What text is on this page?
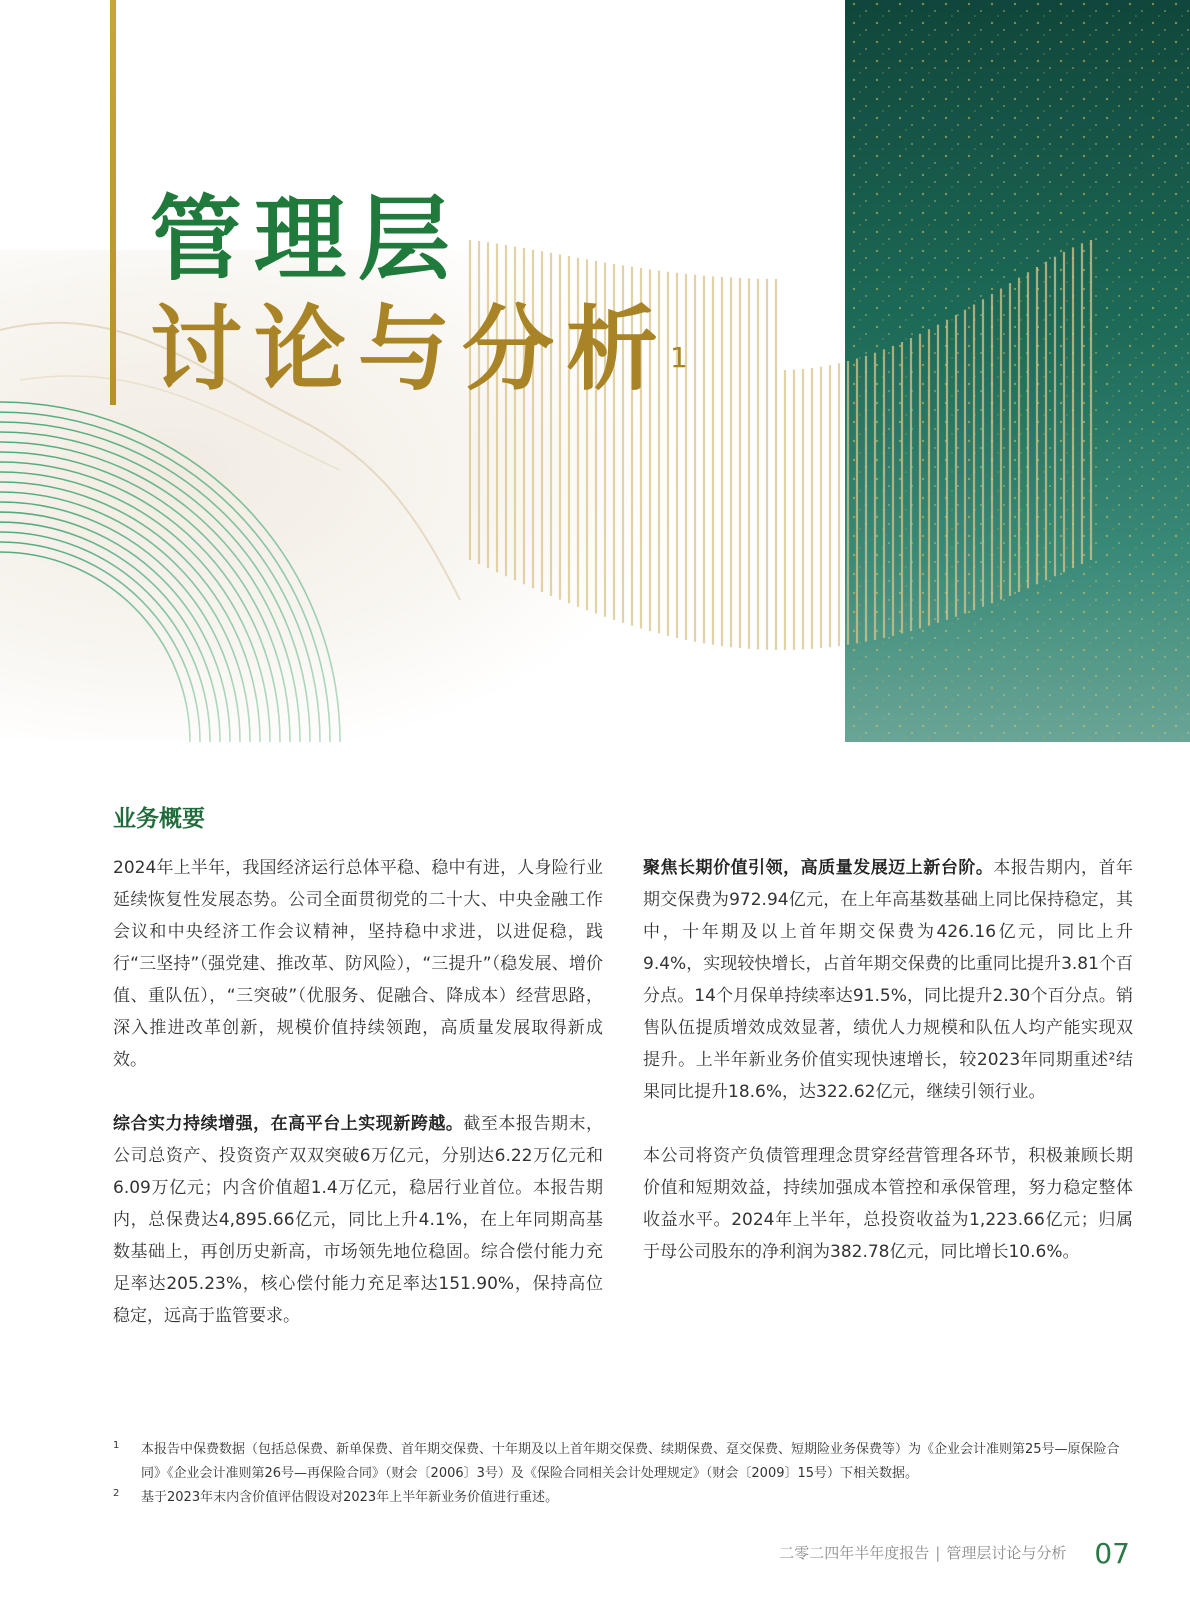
管理层
讨论与分析$^1$
业务概要

2024年上半年，我国经济运行总体平稳、稳中有进，人身险行业延续恢复性发展态势。公司全面贯彻党的二十大、中央金融工作会议和中央经济工作会议精神，坚持稳中求进，以进促稳，践行“三坚持”（强党建、推改革、防风险），“三提升”（稳发展、增价值、重队伍），“三突破”（优服务、促融合、降成本）经营思路，深入推进改革创新，规模价值持续领跑，高质量发展取得新成效。

综合实力持续增强，在高平台上实现新跨越。截至本报告期末，公司总资产、投资资产双双突破6万亿元，分别达6.22万亿元和6.09万亿元；内含价值超1.4万亿元，稳居行业首位。本报告期内，总保费达4,895.66亿元，同比上升4.1%，在上年同期高基数基础上，再创历史新高，市场领先地位稳固。综合偿付能力充足率达205.23%，核心偿付能力充足率达151.90%，保持高位稳定，远高于监管要求。

聚焦长期价值引领，高质量发展迈上新台阶。本报告期内，首年期交保费为972.94亿元，在上年高基数基础上同比保持稳定，其中，十年期及以上首年期交保费为426.16亿元，同比上升9.4%，实现较快增长，占首年期交保费的比重同比提升3.81个百分点。14个月保单持续率达91.5%，同比提升2.30个百分点。销售队伍提质增效成效显著，绩优人力规模和队伍人均产能实现双提升。上半年新业务价值实现快速增长，较2023年同期重述²结果同比提升18.6%，达322.62亿元，继续引领行业。

本公司将资产负债管理理念贯穿经营管理各环节，积极兼顾长期价值和短期效益，持续加强成本管控和承保管理，努力稳定整体收益水平。2024年上半年，总投资收益为1,223.66亿元；归属于母公司股东的净利润为382.78亿元，同比增长10.6%。

1 本报告中保费数据（包括总保费、新单保费、首年期交保费、十年期及以上首年期交保费、续期保费、趸交保费、短期险业务保费等）为《企业会计准则第25号—原保险合同》《企业会计准则第26号—再保险合同》（财会〔2006〕3号）及《保险合同相关会计处理规定》（财会〔2009〕15号）下相关数据。
2 基于2023年末内含价值评估假设对2023年上半年新业务价值进行重述。
二零二四年半年度报告 | 管理层讨论与分析 07
